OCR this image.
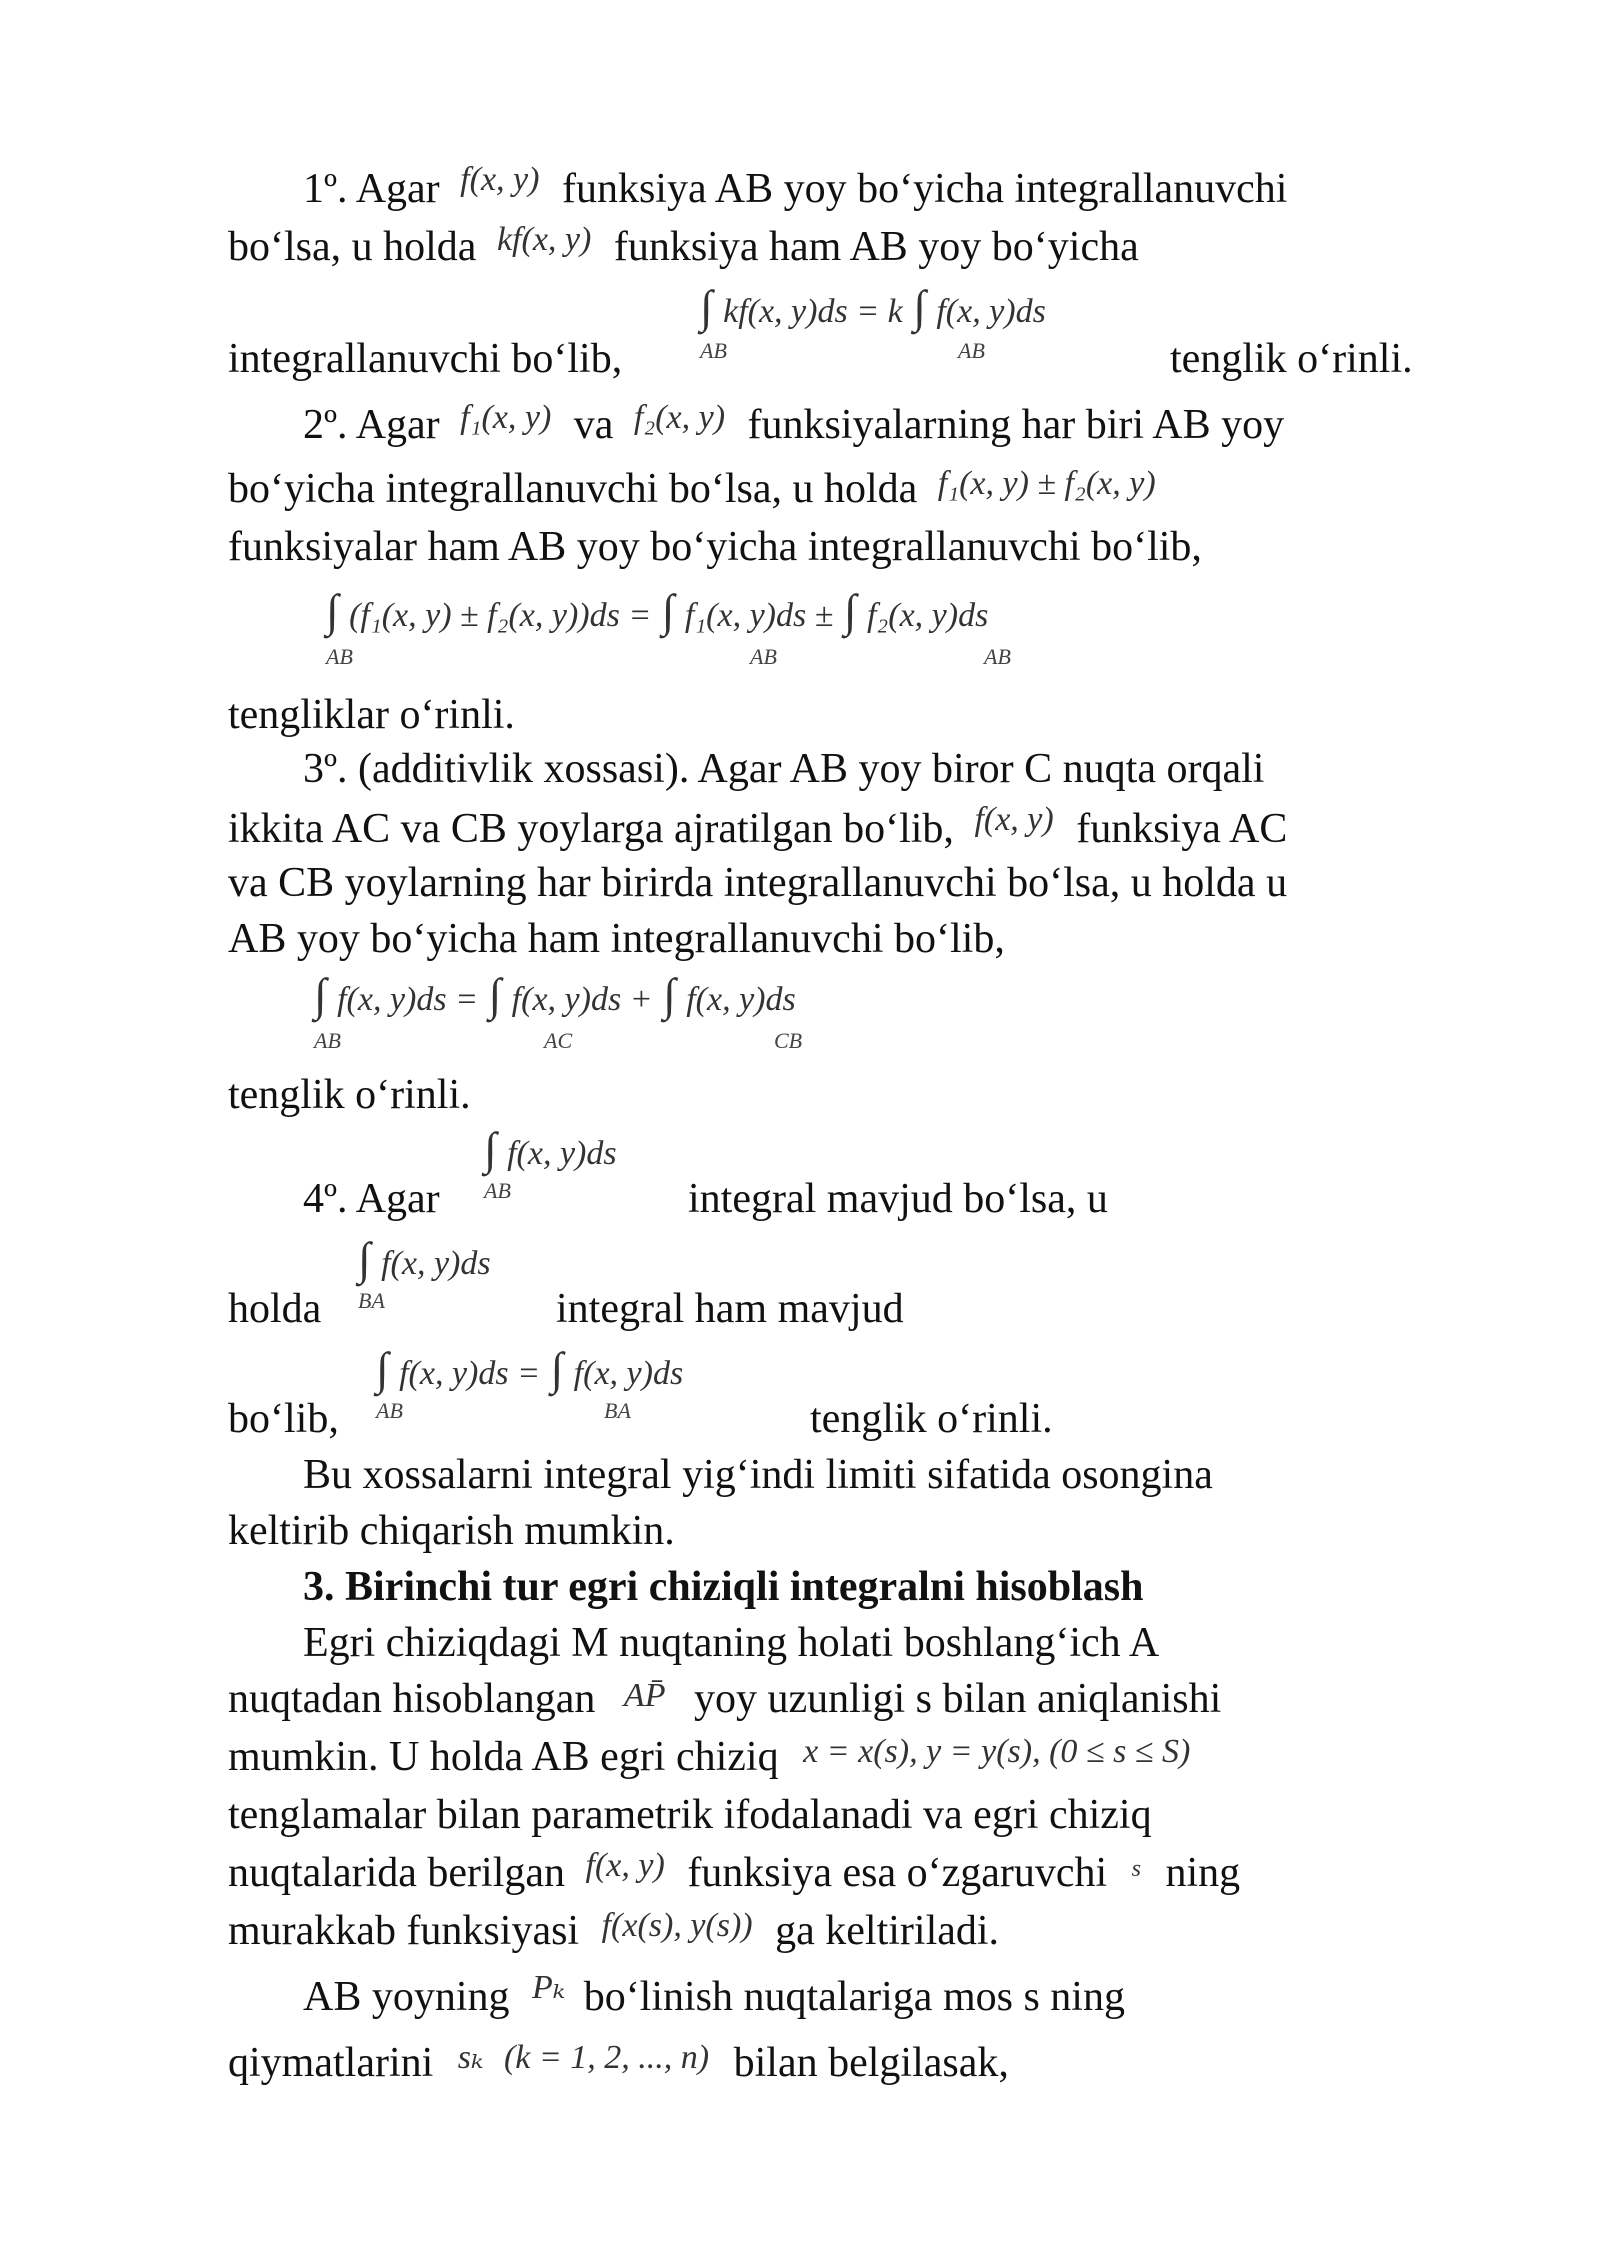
1º. Agar f(x, y) funksiya AB yoy bo‘yicha integrallanuvchi
bo‘lsa, u holda kf(x, y) funksiya ham AB yoy bo‘yicha
∫ kf(x, y)ds = k ∫ f(x, y)ds
AB	AB
integrallanuvchi bo‘lib,	tenglik o‘rinli.
2º. Agar f₁(x, y) va f₂(x, y) funksiyalarning har biri AB yoy
bo‘yicha integrallanuvchi bo‘lsa, u holda f₁(x, y) ± f₂(x, y)
funksiyalar ham AB yoy bo‘yicha integrallanuvchi bo‘lib,
∫ (f₁(x, y) ± f₂(x, y))ds = ∫ f₁(x, y)ds ± ∫ f₂(x, y)ds
AB	AB	AB
tengliklar o‘rinli.
3º. (additivlik xossasi). Agar AB yoy biror C nuqta orqali
ikkita AC va CB yoylarga ajratilgan bo‘lib, f(x, y) funksiya AC
va CB yoylarning har birirda integrallanuvchi bo‘lsa, u holda u
AB yoy bo‘yicha ham integrallanuvchi bo‘lib,
∫ f(x, y)ds = ∫ f(x, y)ds + ∫ f(x, y)ds
AB	AC	CB
tenglik o‘rinli.
∫ f(x, y)ds
AB
4º. Agar	integral mavjud bo‘lsa, u
∫ f(x, y)ds
BA
holda	integral ham mavjud
∫ f(x, y)ds = ∫ f(x, y)ds
AB	BA
bo‘lib,	tenglik o‘rinli.
Bu xossalarni integral yig‘indi limiti sifatida osongina
keltirib chiqarish mumkin.
3. Birinchi tur egri chiziqli integralni hisoblash
Egri chiziqdagi M nuqtaning holati boshlang‘ich A
nuqtadan hisoblangan AP̄ yoy uzunligi s bilan aniqlanishi
mumkin. U holda AB egri chiziq x = x(s), y = y(s), (0 ≤ s ≤ S)
tenglamalar bilan parametrik ifodalanadi va egri chiziq
nuqtalarida berilgan f(x, y) funksiya esa o‘zgaruvchi s ning
murakkab funksiyasi f(x(s), y(s)) ga keltiriladi.
AB yoyning Pₖ bo‘linish nuqtalariga mos s ning
qiymatlarini sₖ (k = 1, 2, ..., n) bilan belgilasak,
